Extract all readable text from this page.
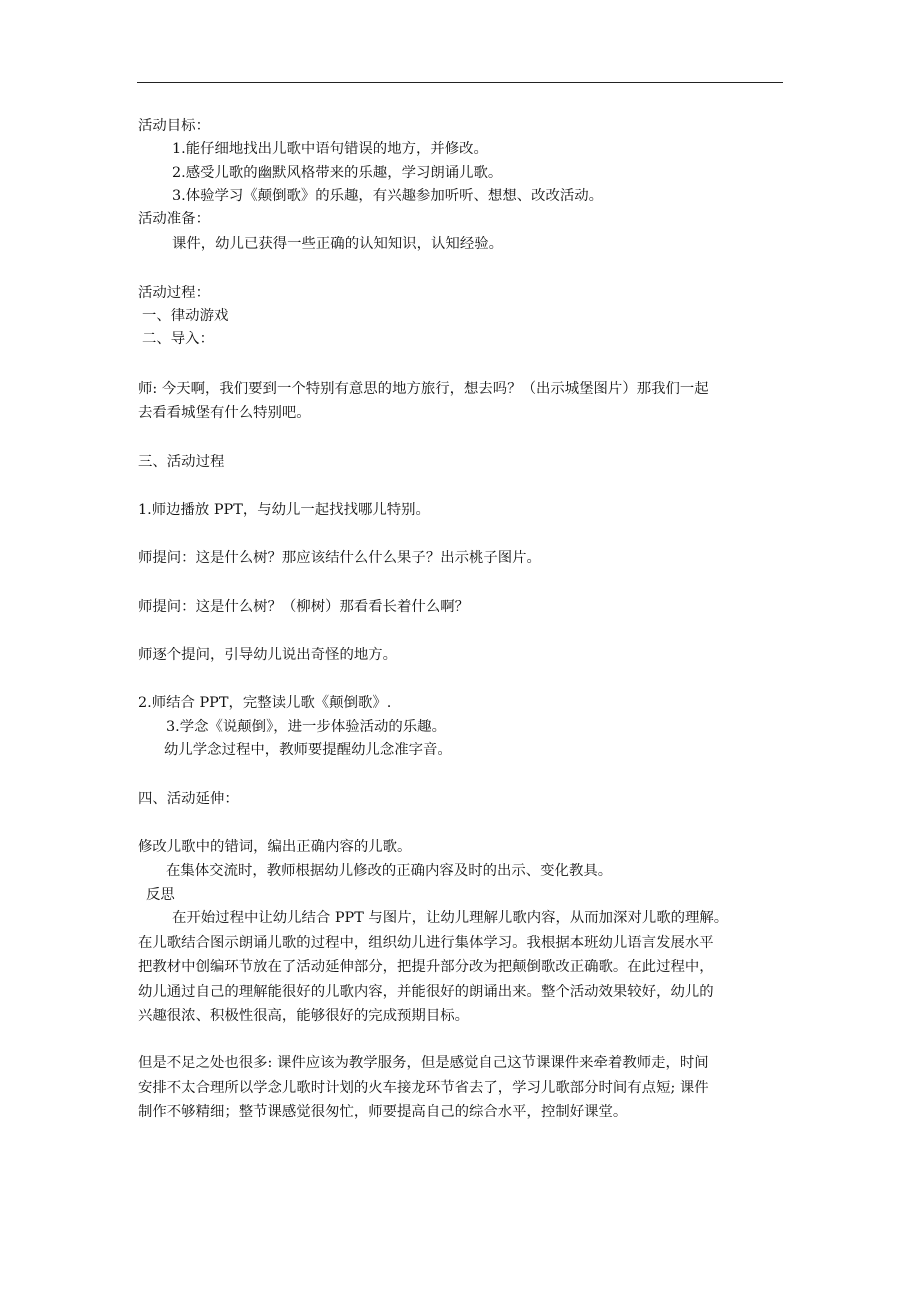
活动目标：
1.能仔细地找出儿歌中语句错误的地方，并修改。
2.感受儿歌的幽默风格带来的乐趣，学习朗诵儿歌。
3.体验学习《颠倒歌》的乐趣，有兴趣参加听听、想想、改改活动。
活动准备：
课件，幼儿已获得一些正确的认知知识，认知经验。
活动过程：
一、律动游戏
二、导入：
师: 今天啊，我们要到一个特别有意思的地方旅行，想去吗？（出示城堡图片）那我们一起
去看看城堡有什么特别吧。
三、活动过程
1.师边播放 PPT，与幼儿一起找找哪儿特别。
师提问：这是什么树？那应该结什么什么果子？出示桃子图片。
师提问：这是什么树？（柳树）那看看长着什么啊？
师逐个提问，引导幼儿说出奇怪的地方。
2.师结合 PPT，完整读儿歌《颠倒歌》.
3.学念《说颠倒》，进一步体验活动的乐趣。
幼儿学念过程中，教师要提醒幼儿念准字音。
四、活动延伸：
修改儿歌中的错词，编出正确内容的儿歌。
在集体交流时，教师根据幼儿修改的正确内容及时的出示、变化教具。
反思
在开始过程中让幼儿结合 PPT 与图片，让幼儿理解儿歌内容，从而加深对儿歌的理解。
在儿歌结合图示朗诵儿歌的过程中，组织幼儿进行集体学习。我根据本班幼儿语言发展水平
把教材中创编环节放在了活动延伸部分，把提升部分改为把颠倒歌改正确歌。在此过程中，
幼儿通过自己的理解能很好的儿歌内容，并能很好的朗诵出来。整个活动效果较好，幼儿的
兴趣很浓、积极性很高，能够很好的完成预期目标。
但是不足之处也很多: 课件应该为教学服务，但是感觉自己这节课课件来牵着教师走，时间
安排不太合理所以学念儿歌时计划的火车接龙环节省去了，学习儿歌部分时间有点短; 课件
制作不够精细；整节课感觉很匆忙，师要提高自己的综合水平，控制好课堂。
